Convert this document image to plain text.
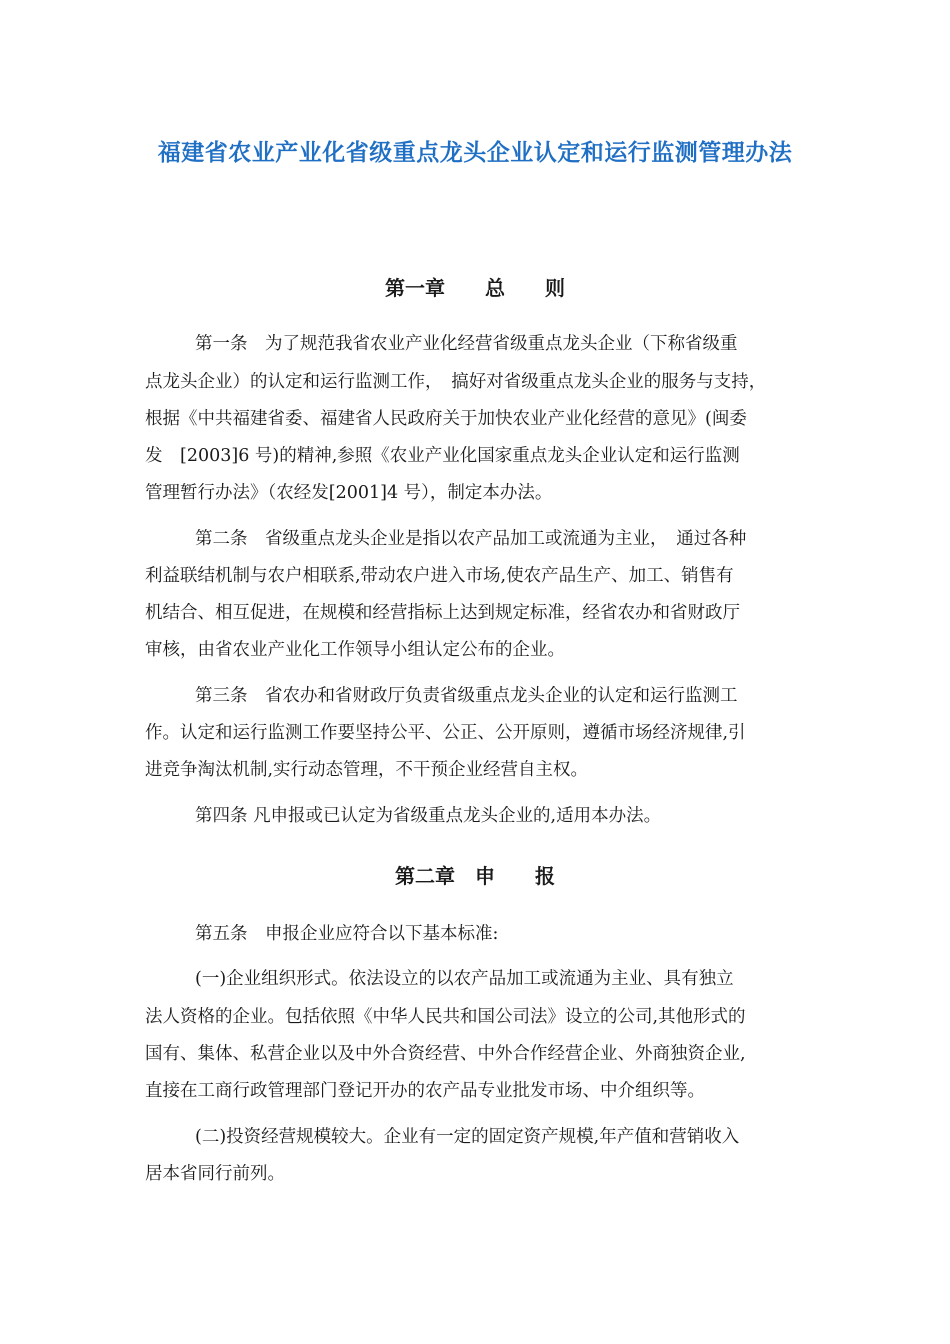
福建省农业产业化省级重点龙头企业认定和运行监测管理办法
第一章　　总　　则
第一条　为了规范我省农业产业化经营省级重点龙头企业（下称省级重
点龙头企业）的认定和运行监测工作，　搞好对省级重点龙头企业的服务与支持，
根据《中共福建省委、福建省人民政府关于加快农业产业化经营的意见》(闽委
发　[2003]6 号)的精神,参照《农业产业化国家重点龙头企业认定和运行监测
管理暂行办法》（农经发[2001]4 号），制定本办法。
第二条　省级重点龙头企业是指以农产品加工或流通为主业，　通过各种
利益联结机制与农户相联系,带动农户进入市场,使农产品生产、加工、销售有
机结合、相互促进，在规模和经营指标上达到规定标准，经省农办和省财政厅
审核，由省农业产业化工作领导小组认定公布的企业。
第三条　省农办和省财政厅负责省级重点龙头企业的认定和运行监测工
作。认定和运行监测工作要坚持公平、公正、公开原则，遵循市场经济规律,引
进竞争淘汰机制,实行动态管理，不干预企业经营自主权。
第四条 凡申报或已认定为省级重点龙头企业的,适用本办法。
第二章　申　　报
第五条　申报企业应符合以下基本标准:
(一)企业组织形式。依法设立的以农产品加工或流通为主业、具有独立
法人资格的企业。包括依照《中华人民共和国公司法》设立的公司,其他形式的
国有、集体、私营企业以及中外合资经营、中外合作经营企业、外商独资企业,
直接在工商行政管理部门登记开办的农产品专业批发市场、中介组织等。
(二)投资经营规模较大。企业有一定的固定资产规模,年产值和营销收入
居本省同行前列。
